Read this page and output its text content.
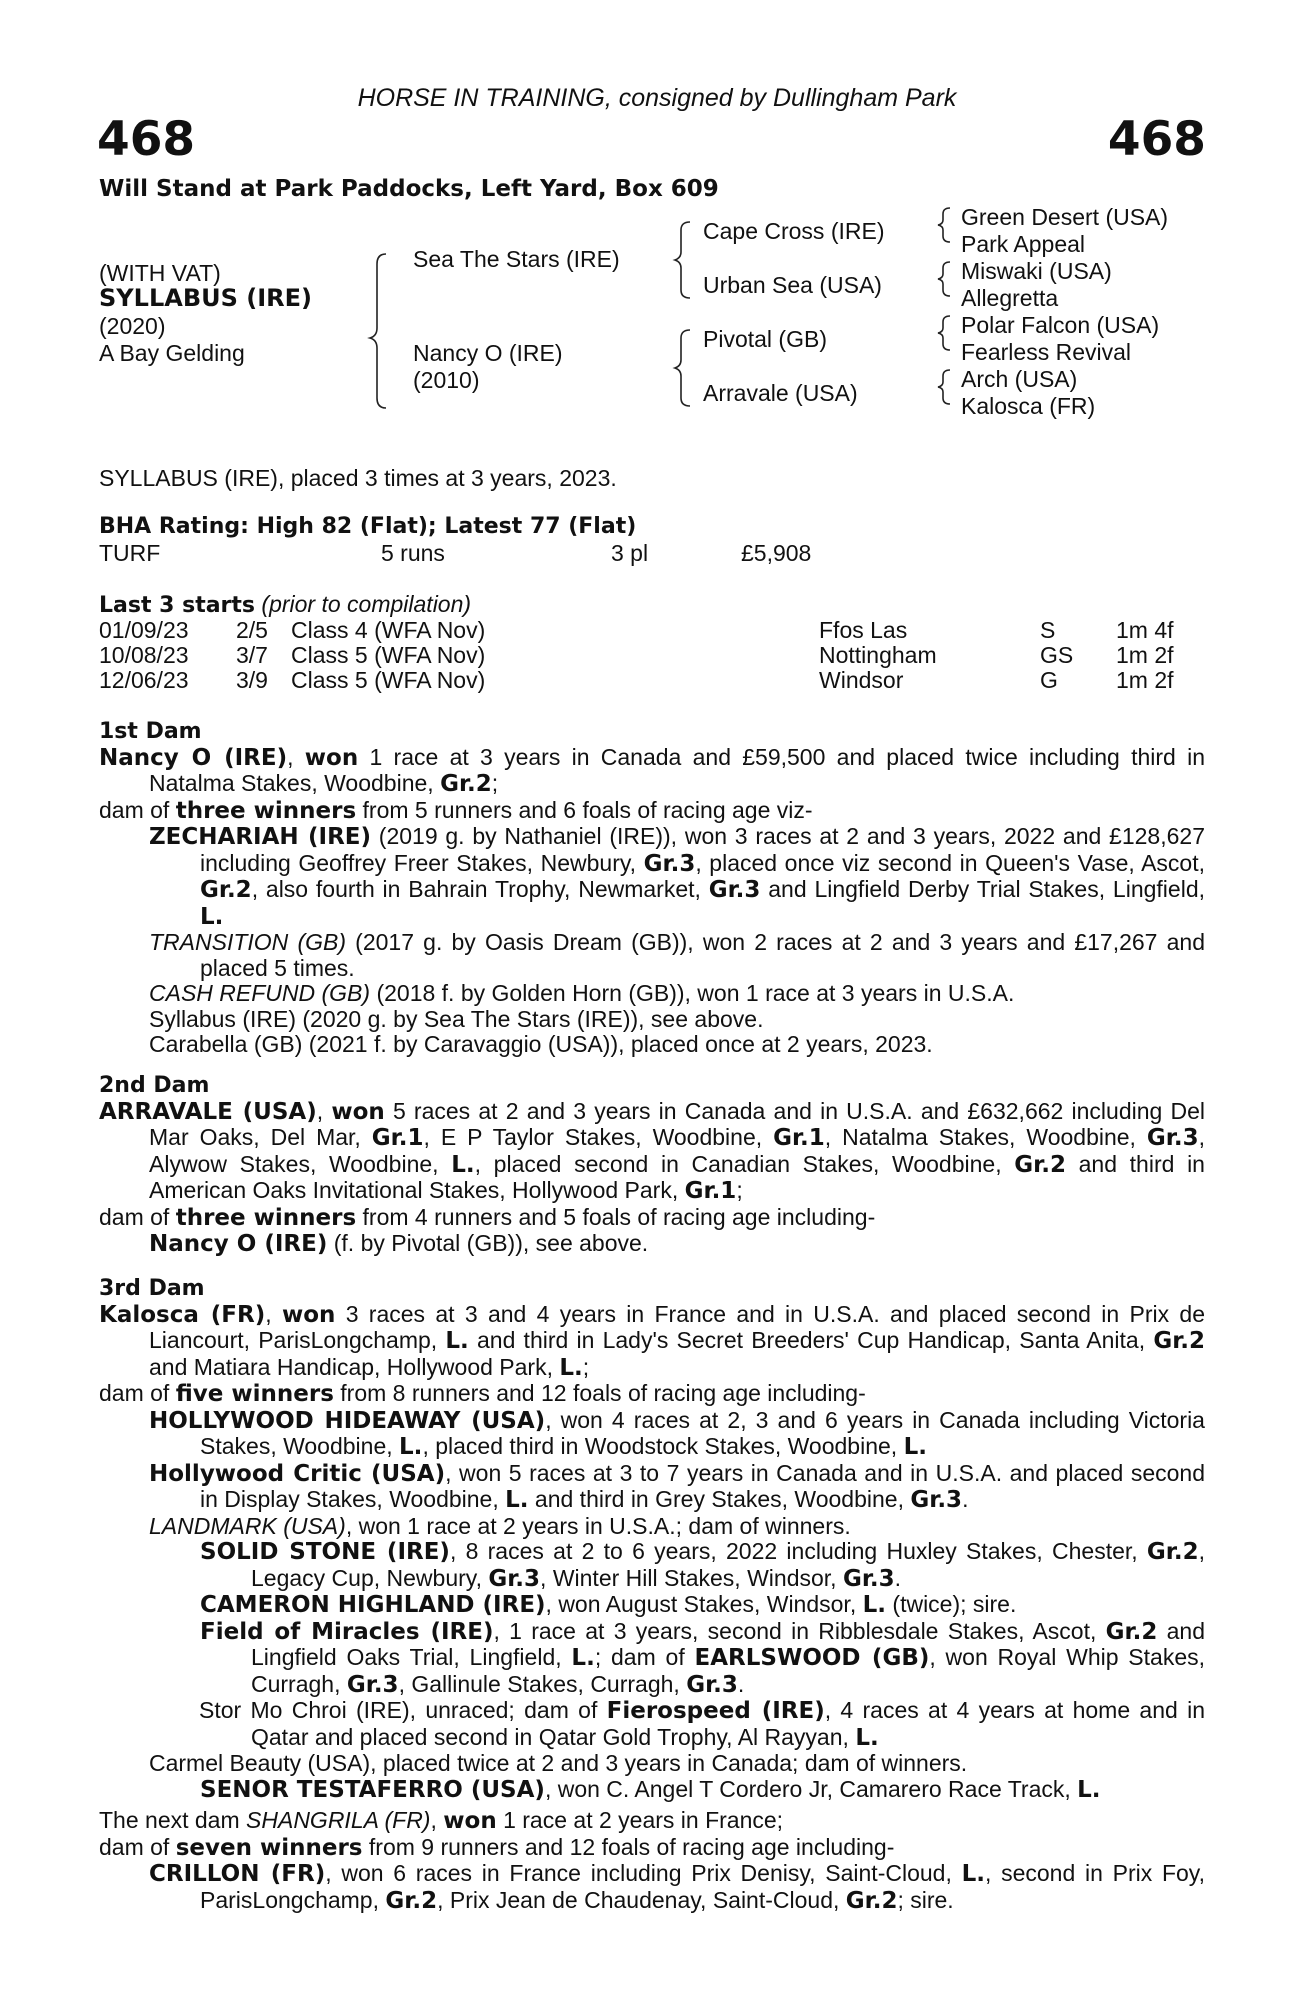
HORSE IN TRAINING, consigned by Dullingham Park
468	468
Will Stand at Park Paddocks, Left Yard, Box 609
(WITH VAT)
SYLLABUS (IRE)
(2020)
A Bay Gelding
Sea The Stars (IRE)
Nancy O (IRE)
(2010)
Cape Cross (IRE)
Urban Sea (USA)
Pivotal (GB)
Arravale (USA)
Green Desert (USA)
Park Appeal
Miswaki (USA)
Allegretta
Polar Falcon (USA)
Fearless Revival
Arch (USA)
Kalosca (FR)
SYLLABUS (IRE), placed 3 times at 3 years, 2023.
BHA Rating: High 82 (Flat); Latest 77 (Flat)
TURF	5 runs	3 pl	£5,908
Last 3 starts (prior to compilation)
01/09/23 2/5 Class 4 (WFA Nov)	Ffos Las	S	1m 4f
10/08/23 3/7 Class 5 (WFA Nov)	Nottingham	GS 1m 2f
12/06/23 3/9 Class 5 (WFA Nov)	Windsor	G	1m 2f

1st Dam

Nancy O (IRE), won 1 race at 3 years in Canada and £59,500 and placed twice including third in Natalma Stakes, Woodbine, Gr.2;

dam of three winners from 5 runners and 6 foals of racing age viz-

ZECHARIAH (IRE) (2019 g. by Nathaniel (IRE)), won 3 races at 2 and 3 years, 2022 and £128,627 including Geoffrey Freer Stakes, Newbury, Gr.3, placed once viz second in Queen's Vase, Ascot, Gr.2, also fourth in Bahrain Trophy, Newmarket, Gr.3 and Lingfield Derby Trial Stakes, Lingfield, L.

TRANSITION (GB) (2017 g. by Oasis Dream (GB)), won 2 races at 2 and 3 years and £17,267 and placed 5 times.

CASH REFUND (GB) (2018 f. by Golden Horn (GB)), won 1 race at 3 years in U.S.A.

Syllabus (IRE) (2020 g. by Sea The Stars (IRE)), see above.

Carabella (GB) (2021 f. by Caravaggio (USA)), placed once at 2 years, 2023.

2nd Dam

ARRAVALE (USA), won 5 races at 2 and 3 years in Canada and in U.S.A. and £632,662 including Del Mar Oaks, Del Mar, Gr.1, E P Taylor Stakes, Woodbine, Gr.1, Natalma Stakes, Woodbine, Gr.3, Alywow Stakes, Woodbine, L., placed second in Canadian Stakes, Woodbine, Gr.2 and third in American Oaks Invitational Stakes, Hollywood Park, Gr.1;

dam of three winners from 4 runners and 5 foals of racing age including-

Nancy O (IRE) (f. by Pivotal (GB)), see above.

3rd Dam

Kalosca (FR), won 3 races at 3 and 4 years in France and in U.S.A. and placed second in Prix de Liancourt, ParisLongchamp, L. and third in Lady's Secret Breeders' Cup Handicap, Santa Anita, Gr.2 and Matiara Handicap, Hollywood Park, L.;

dam of five winners from 8 runners and 12 foals of racing age including-

HOLLYWOOD HIDEAWAY (USA), won 4 races at 2, 3 and 6 years in Canada including Victoria Stakes, Woodbine, L., placed third in Woodstock Stakes, Woodbine, L.

Hollywood Critic (USA), won 5 races at 3 to 7 years in Canada and in U.S.A. and placed second in Display Stakes, Woodbine, L. and third in Grey Stakes, Woodbine, Gr.3.

LANDMARK (USA), won 1 race at 2 years in U.S.A.; dam of winners.

SOLID STONE (IRE), 8 races at 2 to 6 years, 2022 including Huxley Stakes, Chester, Gr.2, Legacy Cup, Newbury, Gr.3, Winter Hill Stakes, Windsor, Gr.3.

CAMERON HIGHLAND (IRE), won August Stakes, Windsor, L. (twice); sire.

Field of Miracles (IRE), 1 race at 3 years, second in Ribblesdale Stakes, Ascot, Gr.2 and Lingfield Oaks Trial, Lingfield, L.; dam of EARLSWOOD (GB), won Royal Whip Stakes, Curragh, Gr.3, Gallinule Stakes, Curragh, Gr.3.

Stor Mo Chroi (IRE), unraced; dam of Fierospeed (IRE), 4 races at 4 years at home and in Qatar and placed second in Qatar Gold Trophy, Al Rayyan, L.

Carmel Beauty (USA), placed twice at 2 and 3 years in Canada; dam of winners.

SENOR TESTAFERRO (USA), won C. Angel T Cordero Jr, Camarero Race Track, L.

The next dam SHANGRILA (FR), won 1 race at 2 years in France;

dam of seven winners from 9 runners and 12 foals of racing age including-

CRILLON (FR), won 6 races in France including Prix Denisy, Saint-Cloud, L., second in Prix Foy, ParisLongchamp, Gr.2, Prix Jean de Chaudenay, Saint-Cloud, Gr.2; sire.
